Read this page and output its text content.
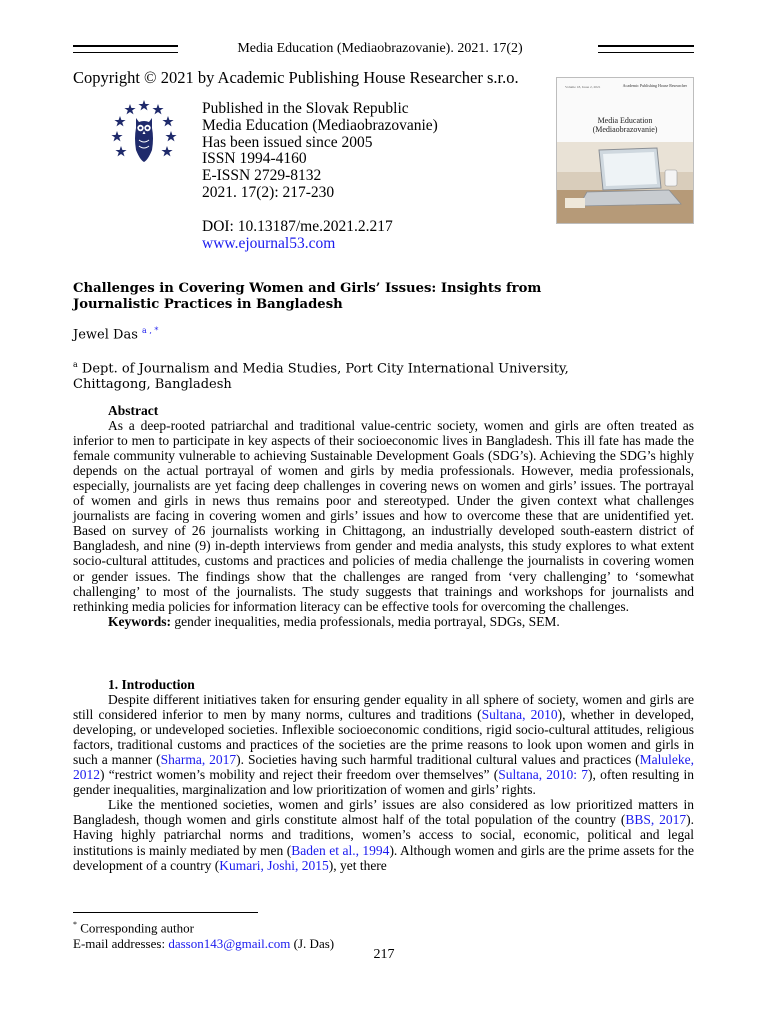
Media Education (Mediaobrazovanie). 2021. 17(2)
Copyright © 2021 by Academic Publishing House Researcher s.r.o.
Published in the Slovak Republic
Media Education (Mediaobrazovanie)
Has been issued since 2005
ISSN 1994-4160
E-ISSN 2729-8132
2021. 17(2): 217-230
DOI: 10.13187/me.2021.2.217
www.ejournal53.com
Volume 18, Issue 2, 2021	Academic Publishing House Researcher
Media Education
(Mediaobrazovanie)
Challenges in Covering Women and Girls’ Issues: Insights from Journalistic Practices in Bangladesh
Jewel Das $^{a , *}$
$^a$ Dept. of Journalism and Media Studies, Port City International University,
Chittagong, Bangladesh
Abstract

As a deep-rooted patriarchal and traditional value-centric society, women and girls are often treated as inferior to men to participate in key aspects of their socioeconomic lives in Bangladesh. This ill fate has made the female community vulnerable to achieving Sustainable Development Goals (SDG’s). Achieving the SDG’s highly depends on the actual portrayal of women and girls by media professionals. However, media professionals, especially, journalists are yet facing deep challenges in covering news on women and girls’ issues. The portrayal of women and girls in news thus remains poor and stereotyped. Under the given context what challenges journalists are facing in covering women and girls’ issues and how to overcome these that are unidentified yet. Based on survey of 26 journalists working in Chittagong, an industrially developed south-eastern district of Bangladesh, and nine (9) in-depth interviews from gender and media analysts, this study explores to what extent socio-cultural attitudes, customs and practices and policies of media challenge the journalists in covering women or gender issues. The findings show that the challenges are ranged from ‘very challenging’ to ‘somewhat challenging’ to most of the journalists. The study suggests that trainings and workshops for journalists and rethinking media policies for information literacy can be effective tools for overcoming the challenges.

Keywords: gender inequalities, media professionals, media portrayal, SDGs, SEM.

1. Introduction

Despite different initiatives taken for ensuring gender equality in all sphere of society, women and girls are still considered inferior to men by many norms, cultures and traditions (Sultana, 2010), whether in developed, developing, or undeveloped societies. Inflexible socioeconomic conditions, rigid socio-cultural attitudes, religious factors, traditional customs and practices of the societies are the prime reasons to look upon women and girls in such a manner (Sharma, 2017). Societies having such harmful traditional cultural values and practices (Maluleke, 2012) “restrict women’s mobility and reject their freedom over themselves” (Sultana, 2010: 7), often resulting in gender inequalities, marginalization and low prioritization of women and girls’ rights.

Like the mentioned societies, women and girls’ issues are also considered as low prioritized matters in Bangladesh, though women and girls constitute almost half of the total population of the country (BBS, 2017). Having highly patriarchal norms and traditions, women’s access to social, economic, political and legal institutions is mainly mediated by men (Baden et al., 1994). Although women and girls are the prime assets for the development of a country (Kumari, Joshi, 2015), yet there

* Corresponding author
E-mail addresses: dasson143@gmail.com (J. Das)
217
